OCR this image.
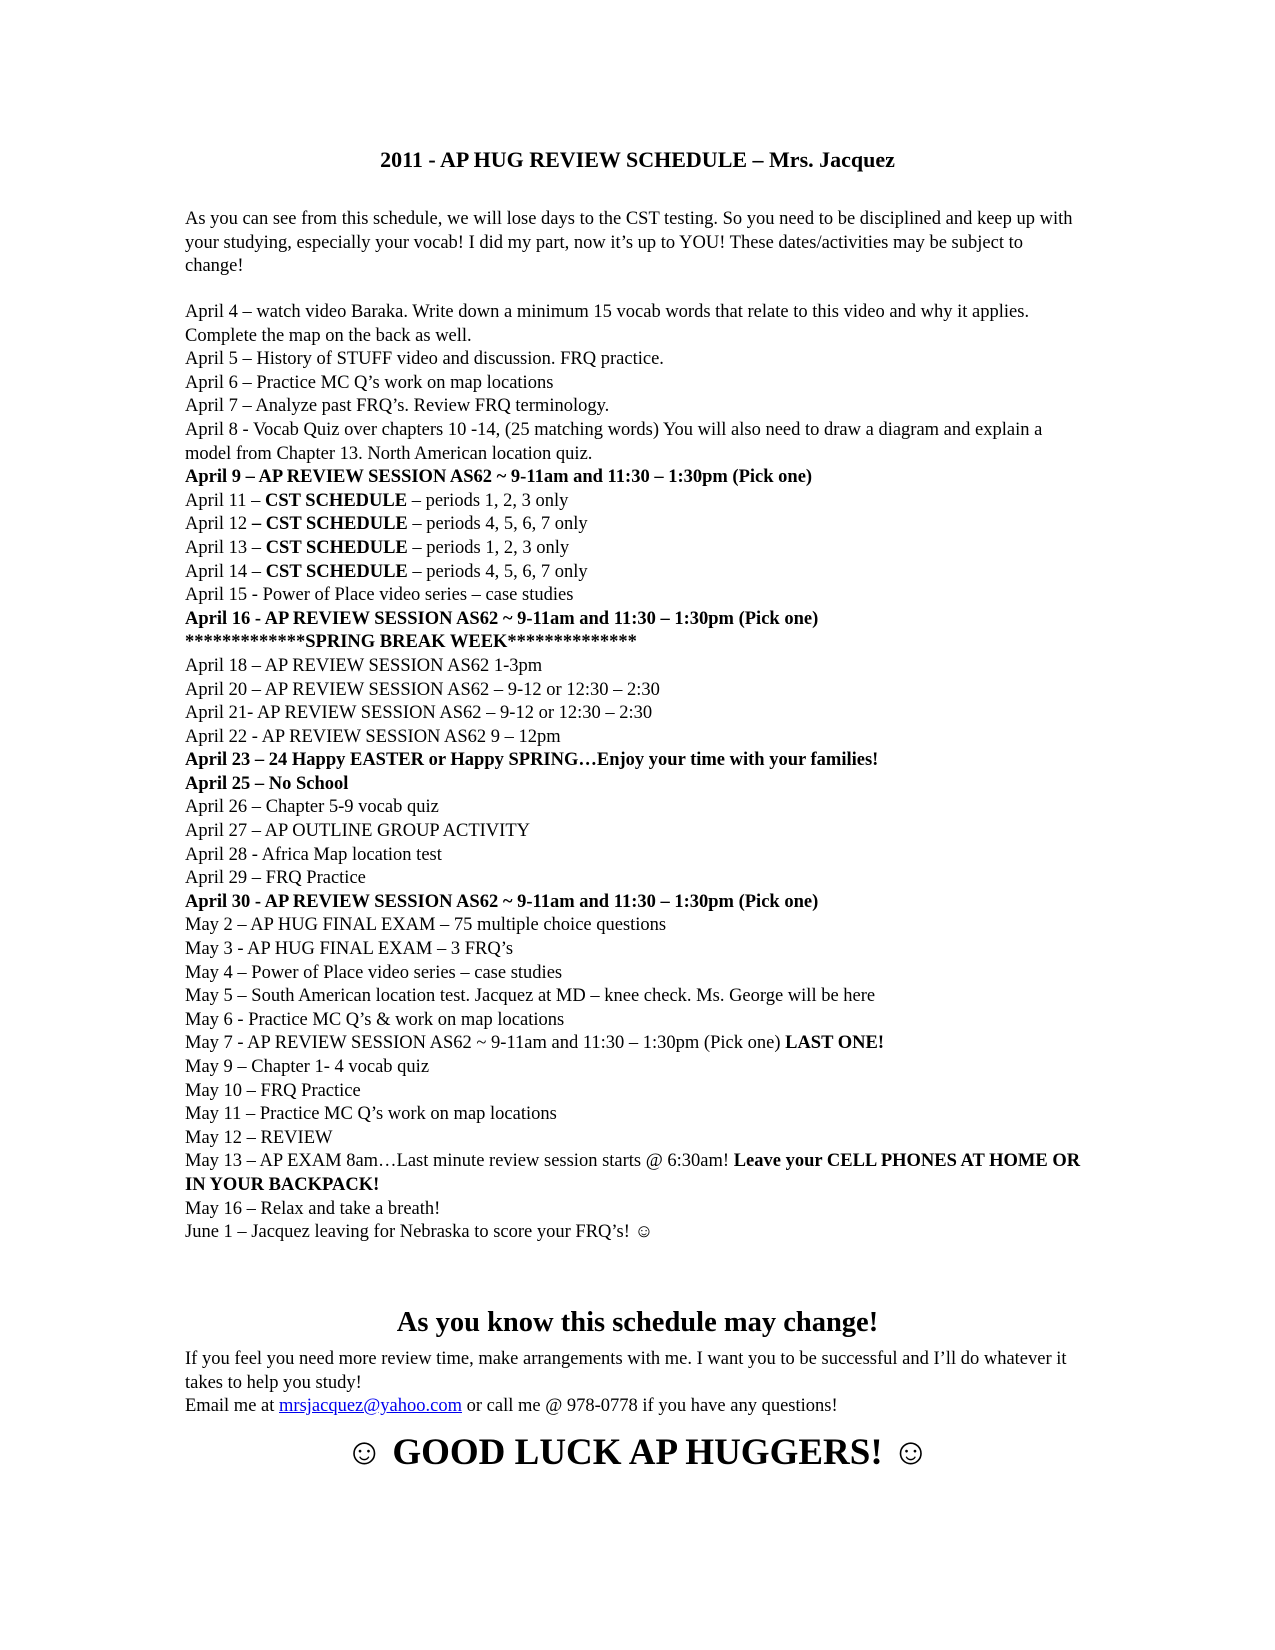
2011 - AP HUG REVIEW SCHEDULE – Mrs. Jacquez
As you can see from this schedule, we will lose days to the CST testing. So you need to be disciplined and keep up with your studying, especially your vocab! I did my part, now it’s up to YOU! These dates/activities may be subject to change!
April 4 – watch video Baraka. Write down a minimum 15 vocab words that relate to this video and why it applies. Complete the map on the back as well.
April 5 – History of STUFF video and discussion. FRQ practice.
April 6 – Practice MC Q’s work on map locations
April 7 – Analyze past FRQ’s. Review FRQ terminology.
April 8 - Vocab Quiz over chapters 10 -14, (25 matching words) You will also need to draw a diagram and explain a model from Chapter 13. North American location quiz.
April 9 – AP REVIEW SESSION AS62 ~ 9-11am and 11:30 – 1:30pm (Pick one)
April 11 – CST SCHEDULE – periods 1, 2, 3 only
April 12 – CST SCHEDULE – periods 4, 5, 6, 7 only
April 13 – CST SCHEDULE – periods 1, 2, 3 only
April 14 – CST SCHEDULE – periods 4, 5, 6, 7 only
April 15 - Power of Place video series – case studies
April 16 - AP REVIEW SESSION AS62 ~ 9-11am and 11:30 – 1:30pm (Pick one)
*************SPRING BREAK WEEK**************
April 18 – AP REVIEW SESSION AS62 1-3pm
April 20 – AP REVIEW SESSION AS62 – 9-12 or 12:30 – 2:30
April 21- AP REVIEW SESSION AS62 – 9-12 or 12:30 – 2:30
April 22 - AP REVIEW SESSION AS62 9 – 12pm
April 23 – 24 Happy EASTER or Happy SPRING…Enjoy your time with your families!
April 25 – No School
April 26 – Chapter 5-9 vocab quiz
April 27 – AP OUTLINE GROUP ACTIVITY
April 28 - Africa Map location test
April 29 – FRQ Practice
April 30 - AP REVIEW SESSION AS62 ~ 9-11am and 11:30 – 1:30pm (Pick one)
May 2 – AP HUG FINAL EXAM – 75 multiple choice questions
May 3 - AP HUG FINAL EXAM – 3 FRQ’s
May 4 – Power of Place video series – case studies
May 5 – South American location test. Jacquez at MD – knee check. Ms. George will be here
May 6 - Practice MC Q’s & work on map locations
May 7 - AP REVIEW SESSION AS62 ~ 9-11am and 11:30 – 1:30pm (Pick one) LAST ONE!
May 9 – Chapter 1- 4 vocab quiz
May 10 – FRQ Practice
May 11 – Practice MC Q’s work on map locations
May 12 – REVIEW
May 13 – AP EXAM 8am…Last minute review session starts @ 6:30am! Leave your CELL PHONES AT HOME OR IN YOUR BACKPACK!
May 16 – Relax and take a breath!
June 1 – Jacquez leaving for Nebraska to score your FRQ’s! ☺
As you know this schedule may change!
If you feel you need more review time, make arrangements with me. I want you to be successful and I’ll do whatever it takes to help you study!
Email me at mrsjacquez@yahoo.com or call me @ 978-0778 if you have any questions!
☺ GOOD LUCK AP HUGGERS! ☺
